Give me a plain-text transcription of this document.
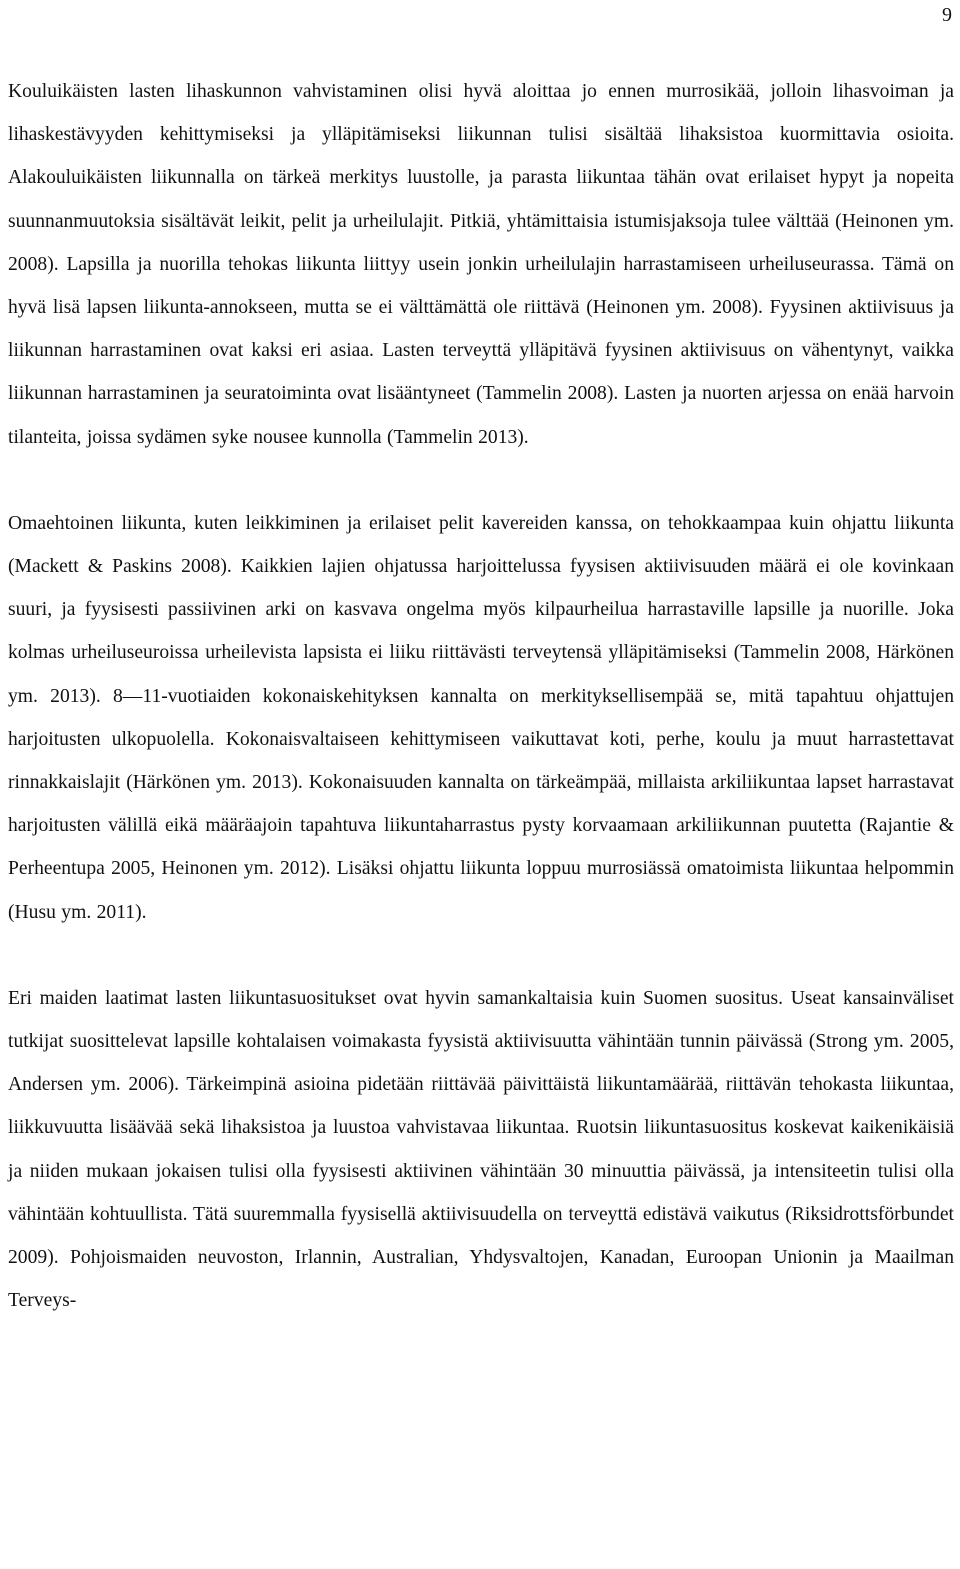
9

Kouluikäisten lasten lihaskunnon vahvistaminen olisi hyvä aloittaa jo ennen murrosikää, jolloin lihasvoiman ja lihaskestävyyden kehittymiseksi ja ylläpitämiseksi liikunnan tulisi sisältää lihaksistoa kuormittavia osioita. Alakouluikäisten liikunnalla on tärkeä merkitys luustolle, ja parasta liikuntaa tähän ovat erilaiset hypyt ja nopeita suunnanmuutoksia sisältävät leikit, pelit ja urheilulajit. Pitkiä, yhtämittaisia istumisjaksoja tulee välttää (Heinonen ym. 2008). Lapsilla ja nuorilla tehokas liikunta liittyy usein jonkin urheilulajin harrastamiseen urheiluseurassa. Tämä on hyvä lisä lapsen liikunta-annokseen, mutta se ei välttämättä ole riittävä (Heinonen ym. 2008). Fyysinen aktiivisuus ja liikunnan harrastaminen ovat kaksi eri asiaa. Lasten terveyttä ylläpitävä fyysinen aktiivisuus on vähentynyt, vaikka liikunnan harrastaminen ja seuratoiminta ovat lisääntyneet (Tammelin 2008). Lasten ja nuorten arjessa on enää harvoin tilanteita, joissa sydämen syke nousee kunnolla (Tammelin 2013).

Omaehtoinen liikunta, kuten leikkiminen ja erilaiset pelit kavereiden kanssa, on tehokkaampaa kuin ohjattu liikunta (Mackett & Paskins 2008). Kaikkien lajien ohjatussa harjoittelussa fyysisen aktiivisuuden määrä ei ole kovinkaan suuri, ja fyysisesti passiivinen arki on kasvava ongelma myös kilpaurheilua harrastaville lapsille ja nuorille. Joka kolmas urheiluseuroissa urheilevista lapsista ei liiku riittävästi terveytensä ylläpitämiseksi (Tammelin 2008, Härkönen ym. 2013). 8—11-vuotiaiden kokonaiskehityksen kannalta on merkityksellisempää se, mitä tapahtuu ohjattujen harjoitusten ulkopuolella. Kokonaisvaltaiseen kehittymiseen vaikuttavat koti, perhe, koulu ja muut harrastettavat rinnakkaislajit (Härkönen ym. 2013). Kokonaisuuden kannalta on tärkeämpää, millaista arkiliikuntaa lapset harrastavat harjoitusten välillä eikä määräajoin tapahtuva liikuntaharrastus pysty korvaamaan arkiliikunnan puutetta (Rajantie & Perheentupa 2005, Heinonen ym. 2012). Lisäksi ohjattu liikunta loppuu murrosiässä omatoimista liikuntaa helpommin (Husu ym. 2011).

Eri maiden laatimat lasten liikuntasuositukset ovat hyvin samankaltaisia kuin Suomen suositus. Useat kansainväliset tutkijat suosittelevat lapsille kohtalaisen voimakasta fyysistä aktiivisuutta vähintään tunnin päivässä (Strong ym. 2005, Andersen ym. 2006). Tärkeimpinä asioina pidetään riittävää päivittäistä liikuntamäärää, riittävän tehokasta liikuntaa, liikkuvuutta lisäävää sekä lihaksistoa ja luustoa vahvistavaa liikuntaa. Ruotsin liikuntasuositus koskevat kaikenikäisiä ja niiden mukaan jokaisen tulisi olla fyysisesti aktiivinen vähintään 30 minuuttia päivässä, ja intensiteetin tulisi olla vähintään kohtuullista. Tätä suuremmalla fyysisellä aktiivisuudella on terveyttä edistävä vaikutus (Riksidrottsförbundet 2009). Pohjoismaiden neuvoston, Irlannin, Australian, Yhdysvaltojen, Kanadan, Euroopan Unionin ja Maailman Terveys-
